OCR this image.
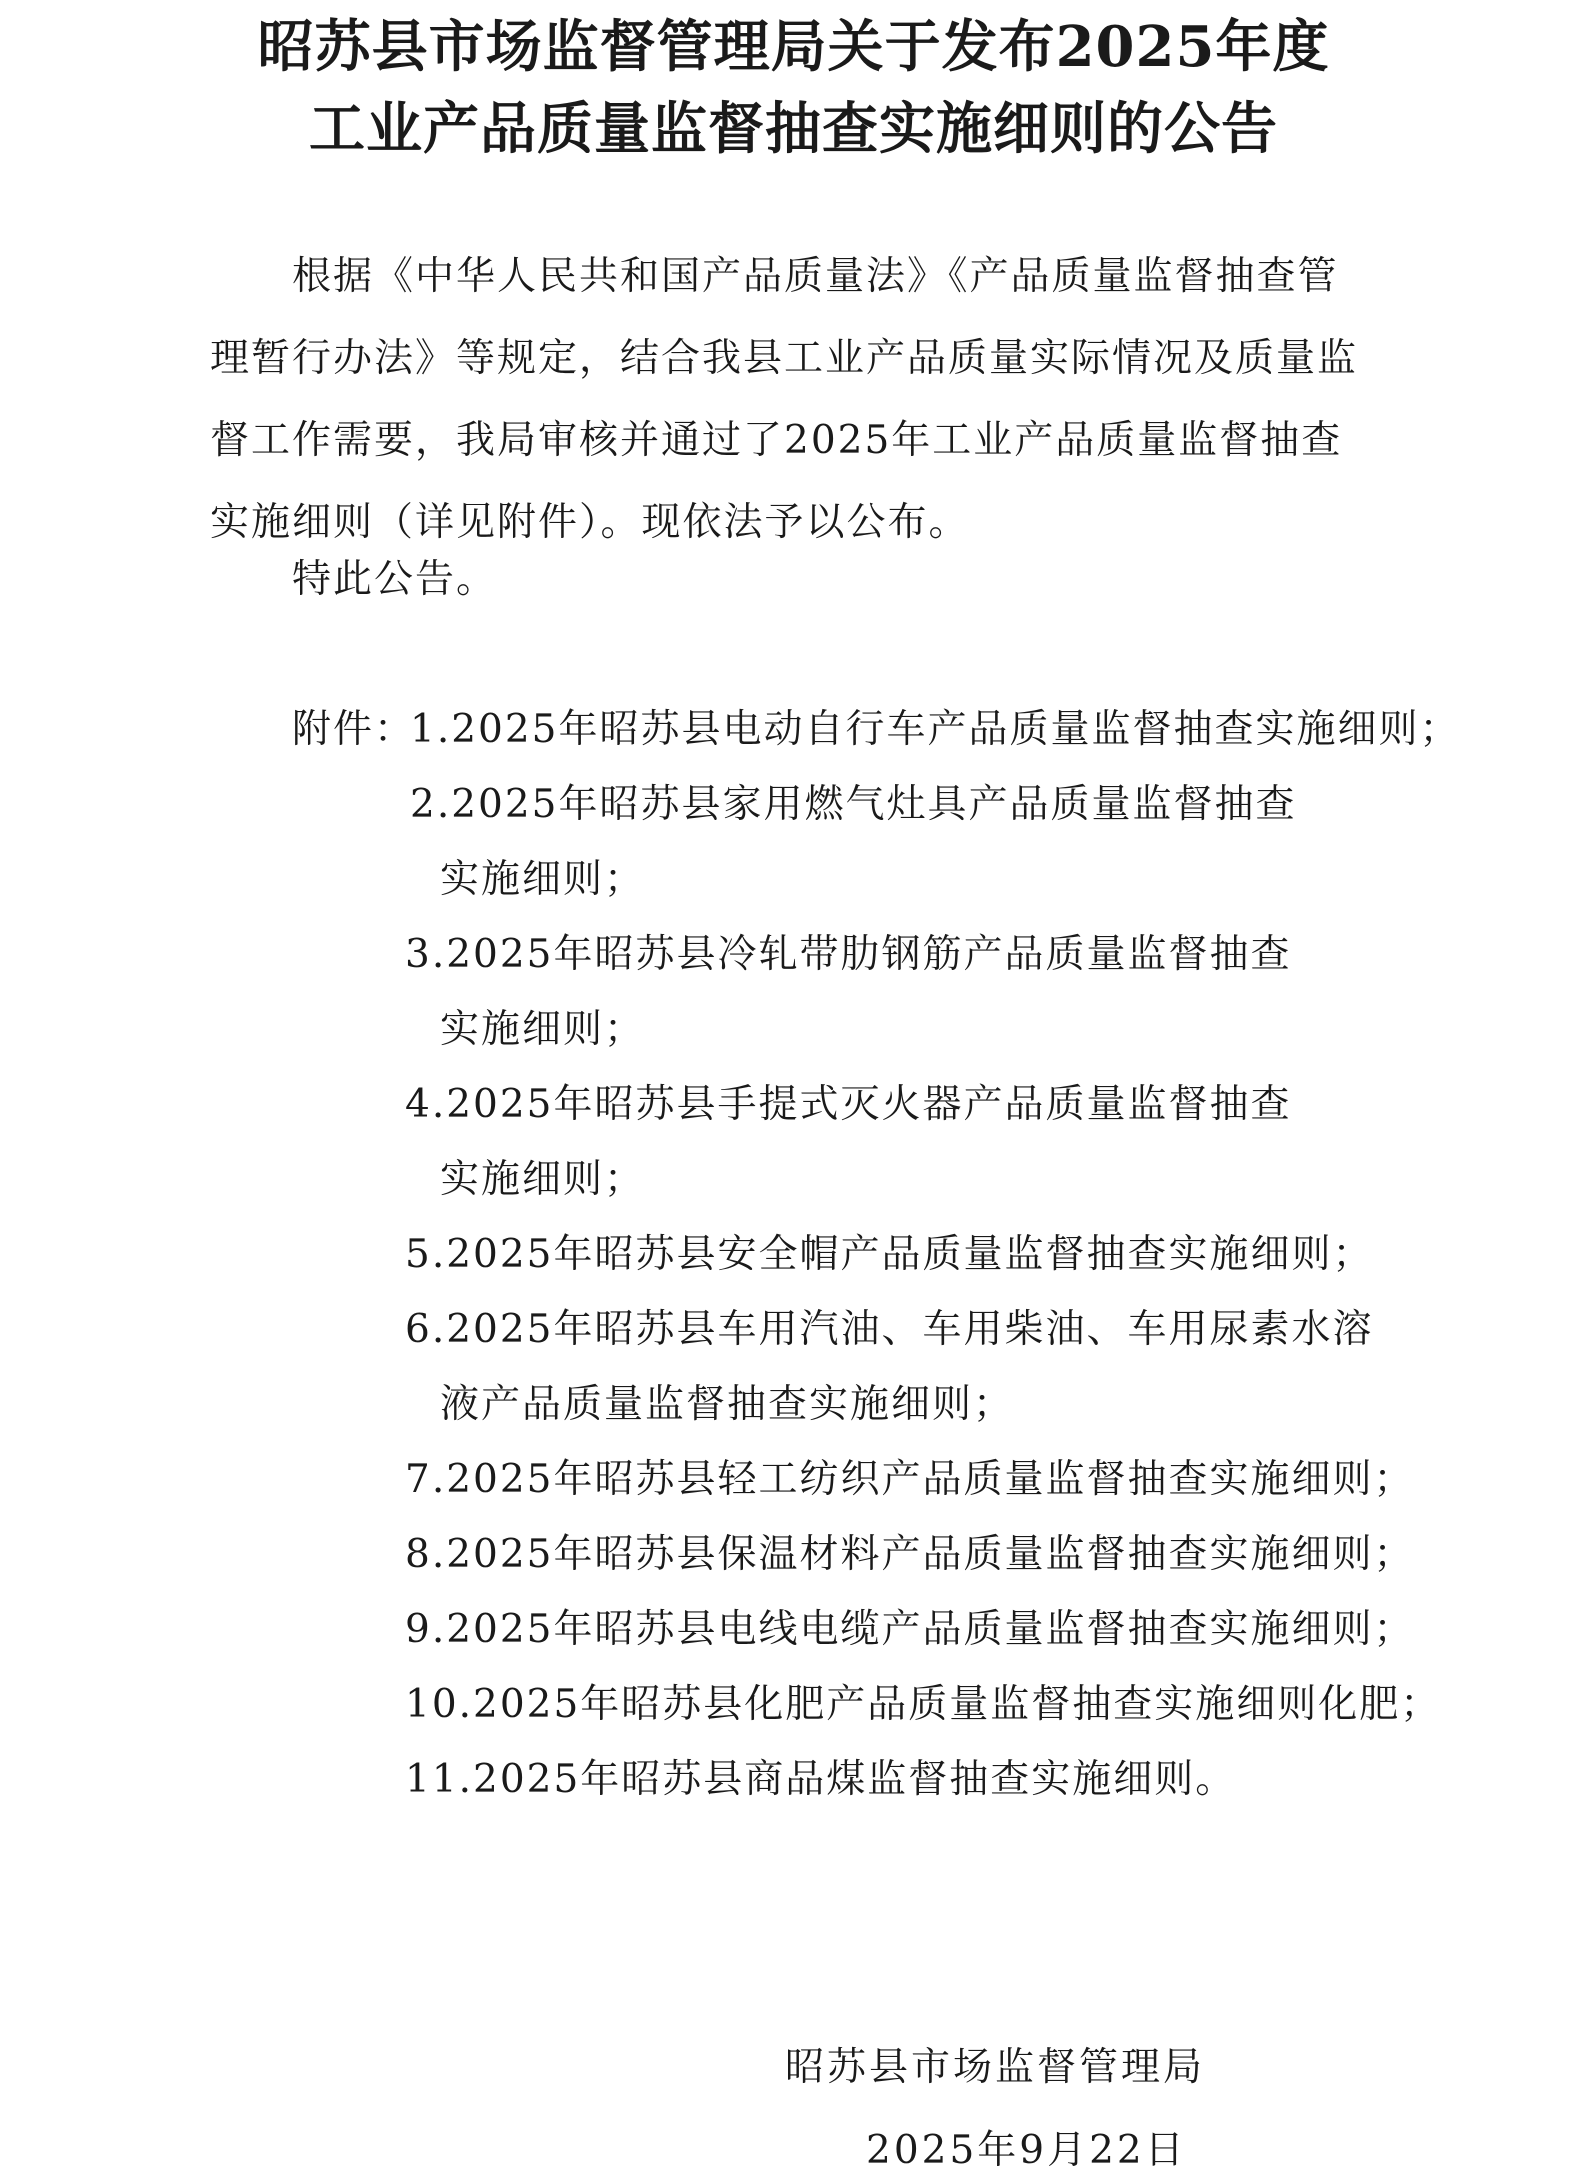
昭苏县市场监督管理局关于发布2025年度
工业产品质量监督抽查实施细则的公告

根据《中华人民共和国产品质量法》《产品质量监督抽查管

理暂行办法》等规定，结合我县工业产品质量实际情况及质量监

督工作需要，我局审核并通过了2025年工业产品质量监督抽查

实施细则（详见附件）。现依法予以公布。

特此公告。

附件：
1.2025年昭苏县电动自行车产品质量监督抽查实施细则；
2.2025年昭苏县家用燃气灶具产品质量监督抽查
实施细则；
3.2025年昭苏县冷轧带肋钢筋产品质量监督抽查
实施细则；
4.2025年昭苏县手提式灭火器产品质量监督抽查
实施细则；
5.2025年昭苏县安全帽产品质量监督抽查实施细则；
6.2025年昭苏县车用汽油、车用柴油、车用尿素水溶
液产品质量监督抽查实施细则；
7.2025年昭苏县轻工纺织产品质量监督抽查实施细则；
8.2025年昭苏县保温材料产品质量监督抽查实施细则；
9.2025年昭苏县电线电缆产品质量监督抽查实施细则；
10.2025年昭苏县化肥产品质量监督抽查实施细则化肥；
11.2025年昭苏县商品煤监督抽查实施细则。

昭苏县市场监督管理局

2025年9月22日
